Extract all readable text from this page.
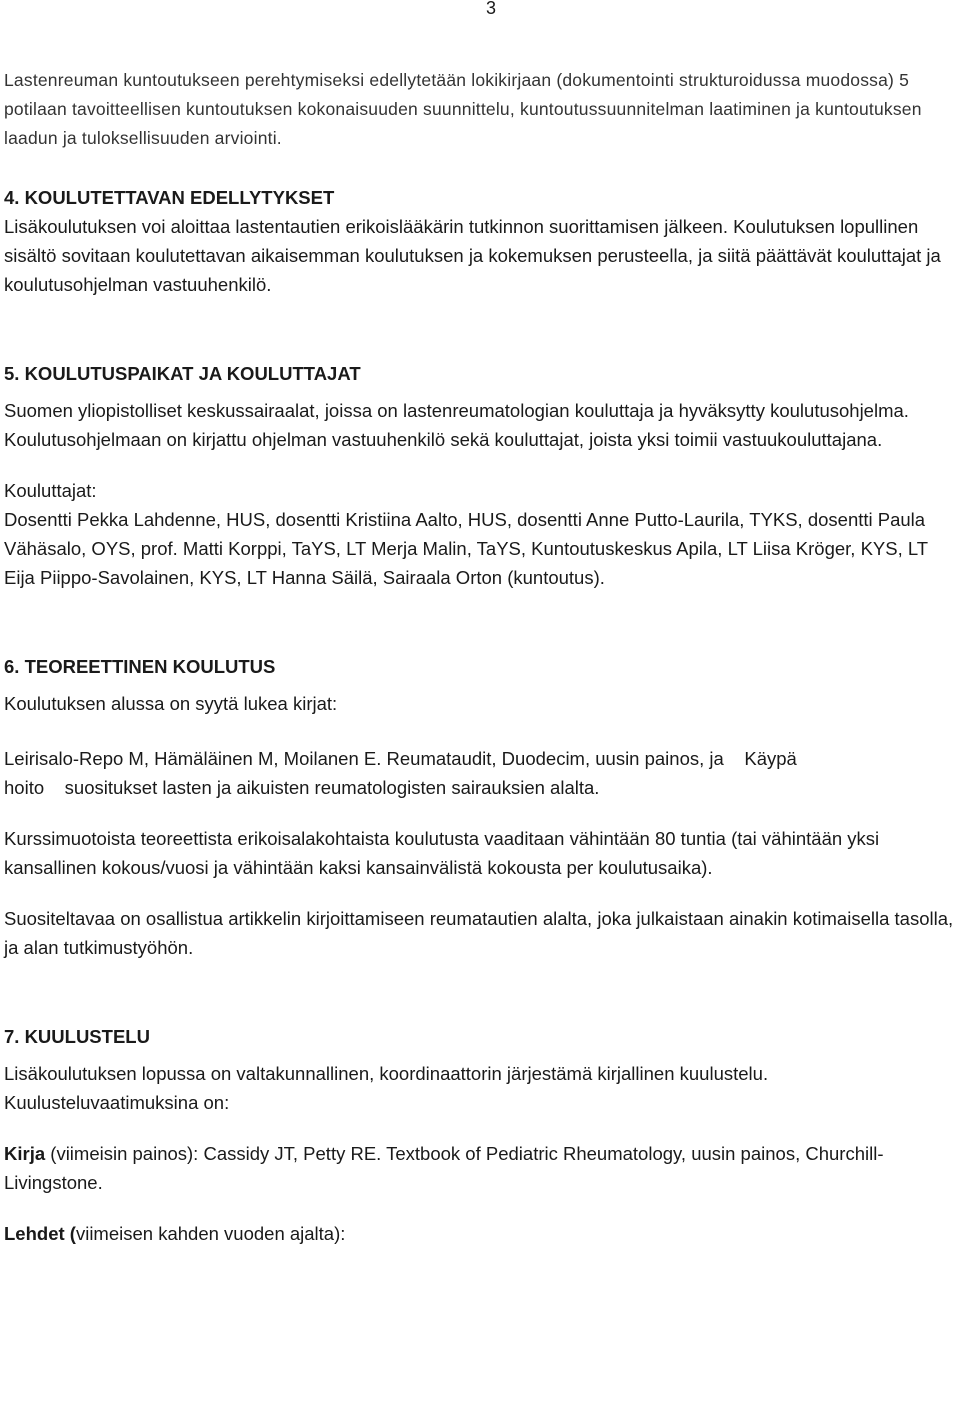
3

Lastenreuman kuntoutukseen perehtymiseksi edellytetään lokikirjaan (dokumentointi strukturoidussa muodossa) 5 potilaan tavoitteellisen kuntoutuksen kokonaisuuden suunnittelu, kuntoutussuunnitelman laatiminen ja kuntoutuksen laadun ja tuloksellisuuden arviointi.

4. KOULUTETTAVAN EDELLYTYKSET

Lisäkoulutuksen voi aloittaa lastentautien erikoislääkärin tutkinnon suorittamisen jälkeen. Koulutuksen lopullinen sisältö sovitaan koulutettavan aikaisemman koulutuksen ja kokemuksen perusteella, ja siitä päättävät kouluttajat ja koulutusohjelman vastuuhenkilö.

5. KOULUTUSPAIKAT JA KOULUTTAJAT

Suomen yliopistolliset keskussairaalat, joissa on lastenreumatologian kouluttaja ja hyväksytty koulutusohjelma. Koulutusohjelmaan on kirjattu ohjelman vastuuhenkilö sekä kouluttajat, joista yksi toimii vastuukouluttajana.

Kouluttajat:

Dosentti Pekka Lahdenne, HUS, dosentti Kristiina Aalto, HUS, dosentti Anne Putto-Laurila, TYKS, dosentti Paula Vähäsalo, OYS, prof. Matti Korppi, TaYS, LT Merja Malin, TaYS, Kuntoutuskeskus Apila, LT Liisa Kröger, KYS, LT Eija Piippo-Savolainen, KYS, LT Hanna Säilä, Sairaala Orton (kuntoutus).

6. TEOREETTINEN KOULUTUS

Koulutuksen alussa on syytä lukea kirjat:

Leirisalo-Repo M, Hämäläinen M, Moilanen E. Reumataudit, Duodecim, uusin painos, ja    Käypä

hoito    suositukset lasten ja aikuisten reumatologisten sairauksien alalta.

Kurssimuotoista teoreettista erikoisalakohtaista koulutusta vaaditaan vähintään 80 tuntia (tai vähintään yksi kansallinen kokous/vuosi ja vähintään kaksi kansainvälistä kokousta per koulutusaika).

Suositeltavaa on osallistua artikkelin kirjoittamiseen reumatautien alalta, joka julkaistaan ainakin kotimaisella tasolla, ja alan tutkimustyöhön.

7. KUULUSTELU

Lisäkoulutuksen lopussa on valtakunnallinen, koordinaattorin järjestämä kirjallinen kuulustelu.

Kuulusteluvaatimuksina on:

Kirja (viimeisin painos): Cassidy JT, Petty RE. Textbook of Pediatric Rheumatology, uusin painos, Churchill-Livingstone.

Lehdet (viimeisen kahden vuoden ajalta):
